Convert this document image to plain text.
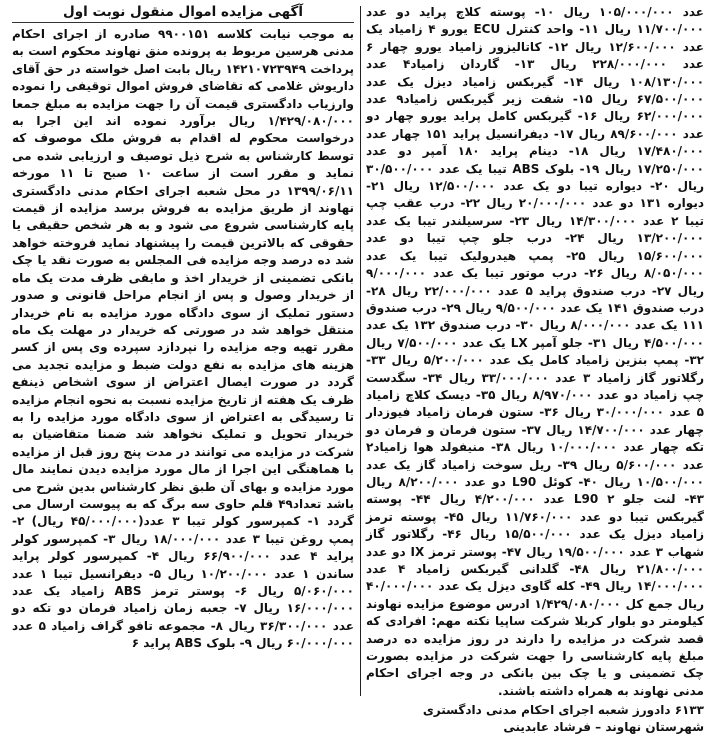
آگهی مزایده اموال منقول نوبت اول

به موجب نیابت کلاسه ۹۹۰۰۱۵۱ صادره از اجرای احکام مدنی هرسین مربوط به پرونده منق نهاوند محکوم است به پرداخت ۱۴۲۱۰۷۲۳۹۴۹ ریال بابت اصل خواسته در حق آقای داریوش غلامی که تقاضای فروش اموال توقیفی را نموده وارزیاب دادگستری قیمت آن را جهت مزایده به مبلغ جمعا ۱/۴۲۹/۰۸۰/۰۰۰ ریال برآورد نموده اند این اجرا به درخواست محکوم له اقدام به فروش ملک موصوف که توسط کارشناس به شرح ذیل توصیف و ارزیابی شده می نماید و مقرر است از ساعت ۱۰ صبح تا ۱۱ مورخه ۱۳۹۹/۰۶/۱۱ در محل شعبه اجرای احکام مدنی دادگستری نهاوند از طریق مزایده به فروش برسد مزایده از قیمت پایه کارشناسی شروع می شود و به هر شخص حقیقی یا حقوقی که بالاترین قیمت را پیشنهاد نماید فروخته خواهد شد ده درصد وجه مزایده فی المجلس به صورت نقد یا چک بانکی تضمینی از خریدار اخذ و مابقی ظرف مدت یک ماه از خریدار وصول و پس از انجام مراحل قانونی و صدور دستور تملیک از سوی دادگاه مورد مزایده به نام خریدار منتقل خواهد شد در صورتی که خریدار در مهلت یک ماه مقرر تهیه وجه مزایده را نپردازد سپرده وی پس از کسر هزینه های مزایده به نفع دولت ضبط و مزایده تجدید می گردد در صورت ایصال اعتراض از سوی اشخاص ذینفع ظرف یک هفته از تاریخ مزایده نسبت به نحوه انجام مزایده تا رسیدگی به اعتراض از سوی دادگاه مورد مزایده را به خریدار تحویل و تملیک نخواهد شد ضمنا متقاضیان به شرکت در مزایده می توانند در مدت پنج روز قبل از مزایده با هماهنگی این اجرا از مال مورد مزایده دیدن نمایند مال مورد مزایده و بهای آن طبق نظر کارشناس بدین شرح می باشد تعداد۴۹ قلم حاوی سه برگ که به پیوست ارسال می گردد ۱- کمپرسور کولر تیبا ۳ عدد(۴۵/۰۰۰/۰۰۰ ریال) ۲- پمپ روغن تیبا ۳ عدد ۱۸/۰۰۰/۰۰۰ ریال ۳- کمپرسور کولر پراید ۴ عدد ۶۶/۹۰۰/۰۰۰ ریال ۴- کمپرسور کولر پراید ساندن ۱ عدد ۱۰/۲۰۰/۰۰۰ ریال ۵- دیفرانسیل تیبا ۱ عدد ۵/۰۶۰/۰۰۰ ریال ۶- پوستر ترمز ABS زامیاد یک عدد ۱۶/۰۰۰/۰۰۰ ریال ۷- جعبه زمان زامیاد فرمان دو تکه دو عدد ۳۶/۳۰۰/۰۰۰ ریال ۸- مجموعه تافو گراف زامیاد ۵ عدد ۶۰/۰۰۰/۰۰۰ ریال ۹- بلوک ABS پراید ۶

عدد ۱۰۵/۰۰۰/۰۰۰ ریال ۱۰- پوسته کلاچ پراید دو عدد ۱۱/۷۰۰/۰۰۰ ریال ۱۱- واحد کنترل ECU یورو ۴ زامیاد یک عدد ۱۲/۶۰۰/۰۰۰ ریال ۱۲- کاتالیزور زامیاد یورو چهار ۶ عدد ۲۲۸/۰۰۰/۰۰۰ ریال ۱۳- گاردان زامیاد۴ عدد ۱۰۸/۱۳۰/۰۰۰ ریال ۱۴- گیربکس زامیاد دیزل یک عدد ۶۷/۵۰۰/۰۰۰ ریال ۱۵- شفت زیر گیربکس زامیاد۹ عدد ۶۲/۰۰۰/۰۰۰ ریال ۱۶- گیربکس کامل پراید یورو چهار دو عدد ۸۹/۶۰۰/۰۰۰ ریال ۱۷- دیفرانسیل پراید ۱۵۱ چهار عدد ۱۷/۴۸۰/۰۰۰ ریال ۱۸- دینام پراید ۱۸۰ آمپر دو عدد ۱۷/۲۵۰/۰۰۰ ریال ۱۹- بلوک ABS تیبا یک عدد ۳۰/۵۰۰/۰۰۰ ریال ۲۰- دیواره تیبا دو یک عدد ۱۲/۵۰۰/۰۰۰ ریال ۲۱- دیواره ۱۳۱ دو عدد ۲۰/۰۰۰/۰۰۰ ریال ۲۲- درب عقب چپ تیبا ۲ عدد ۱۴/۳۰۰/۰۰۰ ریال ۲۳- سرسیلندر تیبا یک عدد ۱۳/۲۰۰/۰۰۰ ریال ۲۴- درب جلو چپ تیبا دو عدد ۱۵/۶۰۰/۰۰۰ ریال ۲۵- پمپ هیدرولیک تیبا یک عدد ۸/۰۵۰/۰۰۰ ریال ۲۶- درب موتور تیبا یک عدد ۹/۰۰۰/۰۰۰ ریال ۲۷- درب صندوق پراید ۵ عدد ۲۲/۰۰۰/۰۰۰ ریال ۲۸- درب صندوق ۱۴۱ یک عدد ۹/۵۰۰/۰۰۰ ریال ۲۹- درب صندوق ۱۱۱ یک عدد ۸/۰۰۰/۰۰۰ ریال ۳۰- درب صندوق ۱۳۲ یک عدد ۴/۵۰۰/۰۰۰ ریال ۳۱- جلو آمپر LX یک عدد ۷/۵۰۰/۰۰۰ ریال ۳۲- پمپ بنزین زامیاد کامل یک عدد ۵/۲۰۰/۰۰۰ ریال ۳۳- رگلاتور گاز زامیاد ۳ عدد ۳۳/۰۰۰/۰۰۰ ریال ۳۴- سگدست چپ زامیاد دو عدد ۸/۹۷۰/۰۰۰ ریال ۳۵- دیسک کلاچ زامیاد ۵ عدد ۳۰/۰۰۰/۰۰۰ ریال ۳۶- ستون فرمان زامیاد فیوزدار چهار عدد ۱۴/۷۰۰/۰۰۰ ریال ۳۷- ستون فرمان و فرمان دو تکه چهار عدد ۱۰/۰۰۰/۰۰۰ ریال ۳۸- منیفولد هوا زامیاد۲ عدد ۵/۶۰۰/۰۰۰ ریال ۳۹- ریل سوخت زامیاد گاز یک عدد ۱۰/۵۰۰/۰۰۰ ریال ۴۰- کوئل L90 دو عدد ۸/۲۰۰/۰۰۰ ریال ۴۳- لنت جلو L90 ۲ عدد ۴/۲۰۰/۰۰۰ ریال ۴۴- پوسته گیربکس تیبا دو عدد ۱۱/۷۶۰/۰۰۰ ریال ۴۵- پوسته ترمز زامیاد دیزل یک عدد ۱۵/۵۰۰/۰۰۰ ریال ۴۶- رگلاتور گاز شهاب ۳ عدد ۱۹/۵۰۰/۰۰۰ ریال ۴۷- پوستر ترمز IX دو عدد ۲۱/۸۰۰/۰۰۰ ریال ۴۸- گلدانی گیربکس زامیاد ۴ عدد ۱۴/۰۰۰/۰۰۰ ریال ۴۹- کله گاوی دیزل یک عدد ۴۰/۰۰۰/۰۰۰ ریال جمع کل ۱/۴۲۹/۰۸۰/۰۰۰ ادرس موضوع مزایده نهاوند کیلومتر دو بلوار کربلا شرکت ساپیا نکته مهم: افرادی که قصد شرکت در مزایده را دارند در روز مزایده ده درصد مبلغ پایه کارشناسی را جهت شرکت در مزایده بصورت چک تضمینی و یا چک بین بانکی در وجه اجرای احکام مدنی نهاوند به همراه داشته باشند.

۶۱۳۳ دادورز شعبه اجرای احکام مدنی دادگستری شهرستان نهاوند – فرشاد عابدینی
